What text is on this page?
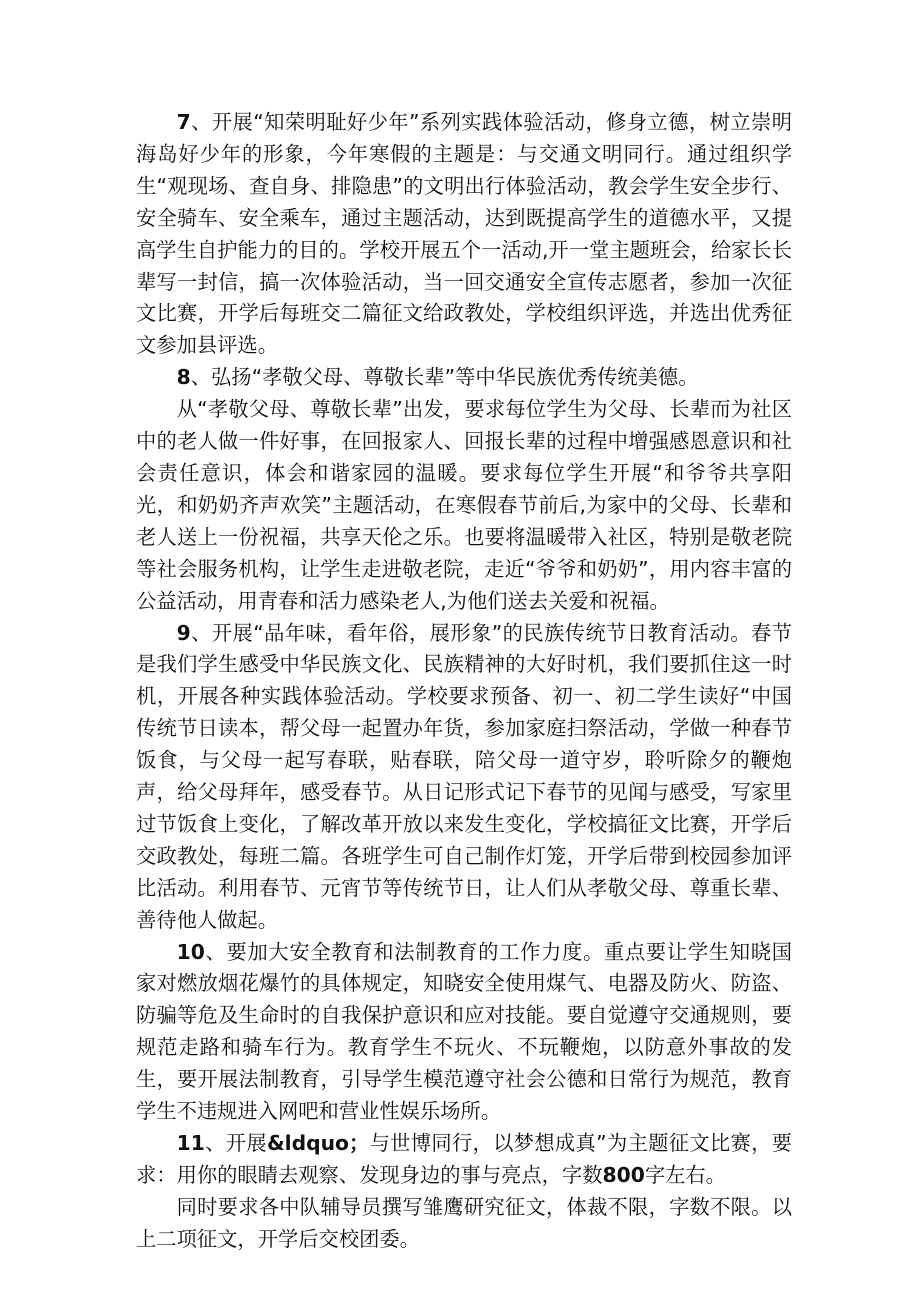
7、开展“知荣明耻好少年”系列实践体验活动，修身立德，树立崇明海岛好少年的形象，今年寒假的主题是：与交通文明同行。通过组织学生“观现场、查自身、排隐患”的文明出行体验活动，教会学生安全步行、安全骑车、安全乘车，通过主题活动，达到既提高学生的道德水平，又提高学生自护能力的目的。学校开展五个一活动,开一堂主题班会，给家长长辈写一封信，搞一次体验活动，当一回交通安全宣传志愿者，参加一次征文比赛，开学后每班交二篇征文给政教处，学校组织评选，并选出优秀征文参加县评选。

8、弘扬“孝敬父母、尊敬长辈”等中华民族优秀传统美德。

从“孝敬父母、尊敬长辈”出发，要求每位学生为父母、长辈而为社区中的老人做一件好事，在回报家人、回报长辈的过程中增强感恩意识和社会责任意识，体会和谐家园的温暖。要求每位学生开展“和爷爷共享阳光，和奶奶齐声欢笑”主题活动，在寒假春节前后,为家中的父母、长辈和老人送上一份祝福，共享天伦之乐。也要将温暖带入社区，特别是敬老院等社会服务机构，让学生走进敬老院，走近“爷爷和奶奶”，用内容丰富的公益活动，用青春和活力感染老人,为他们送去关爱和祝福。

9、开展“品年味，看年俗，展形象”的民族传统节日教育活动。春节是我们学生感受中华民族文化、民族精神的大好时机，我们要抓住这一时机，开展各种实践体验活动。学校要求预备、初一、初二学生读好“中国传统节日读本，帮父母一起置办年货，参加家庭扫祭活动，学做一种春节饭食，与父母一起写春联，贴春联，陪父母一道守岁，聆听除夕的鞭炮声，给父母拜年，感受春节。从日记形式记下春节的见闻与感受，写家里过节饭食上变化，了解改革开放以来发生变化，学校搞征文比赛，开学后交政教处，每班二篇。各班学生可自己制作灯笼，开学后带到校园参加评比活动。利用春节、元宵节等传统节日，让人们从孝敬父母、尊重长辈、善待他人做起。

10、要加大安全教育和法制教育的工作力度。重点要让学生知晓国家对燃放烟花爆竹的具体规定，知晓安全使用煤气、电器及防火、防盗、防骗等危及生命时的自我保护意识和应对技能。要自觉遵守交通规则，要规范走路和骑车行为。教育学生不玩火、不玩鞭炮，以防意外事故的发生，要开展法制教育，引导学生模范遵守社会公德和日常行为规范，教育学生不违规进入网吧和营业性娱乐场所。

11、开展&ldquo；与世博同行，以梦想成真”为主题征文比赛，要求：用你的眼睛去观察、发现身边的事与亮点，字数800字左右。

同时要求各中队辅导员撰写雏鹰研究征文，体裁不限，字数不限。以上二项征文，开学后交校团委。
